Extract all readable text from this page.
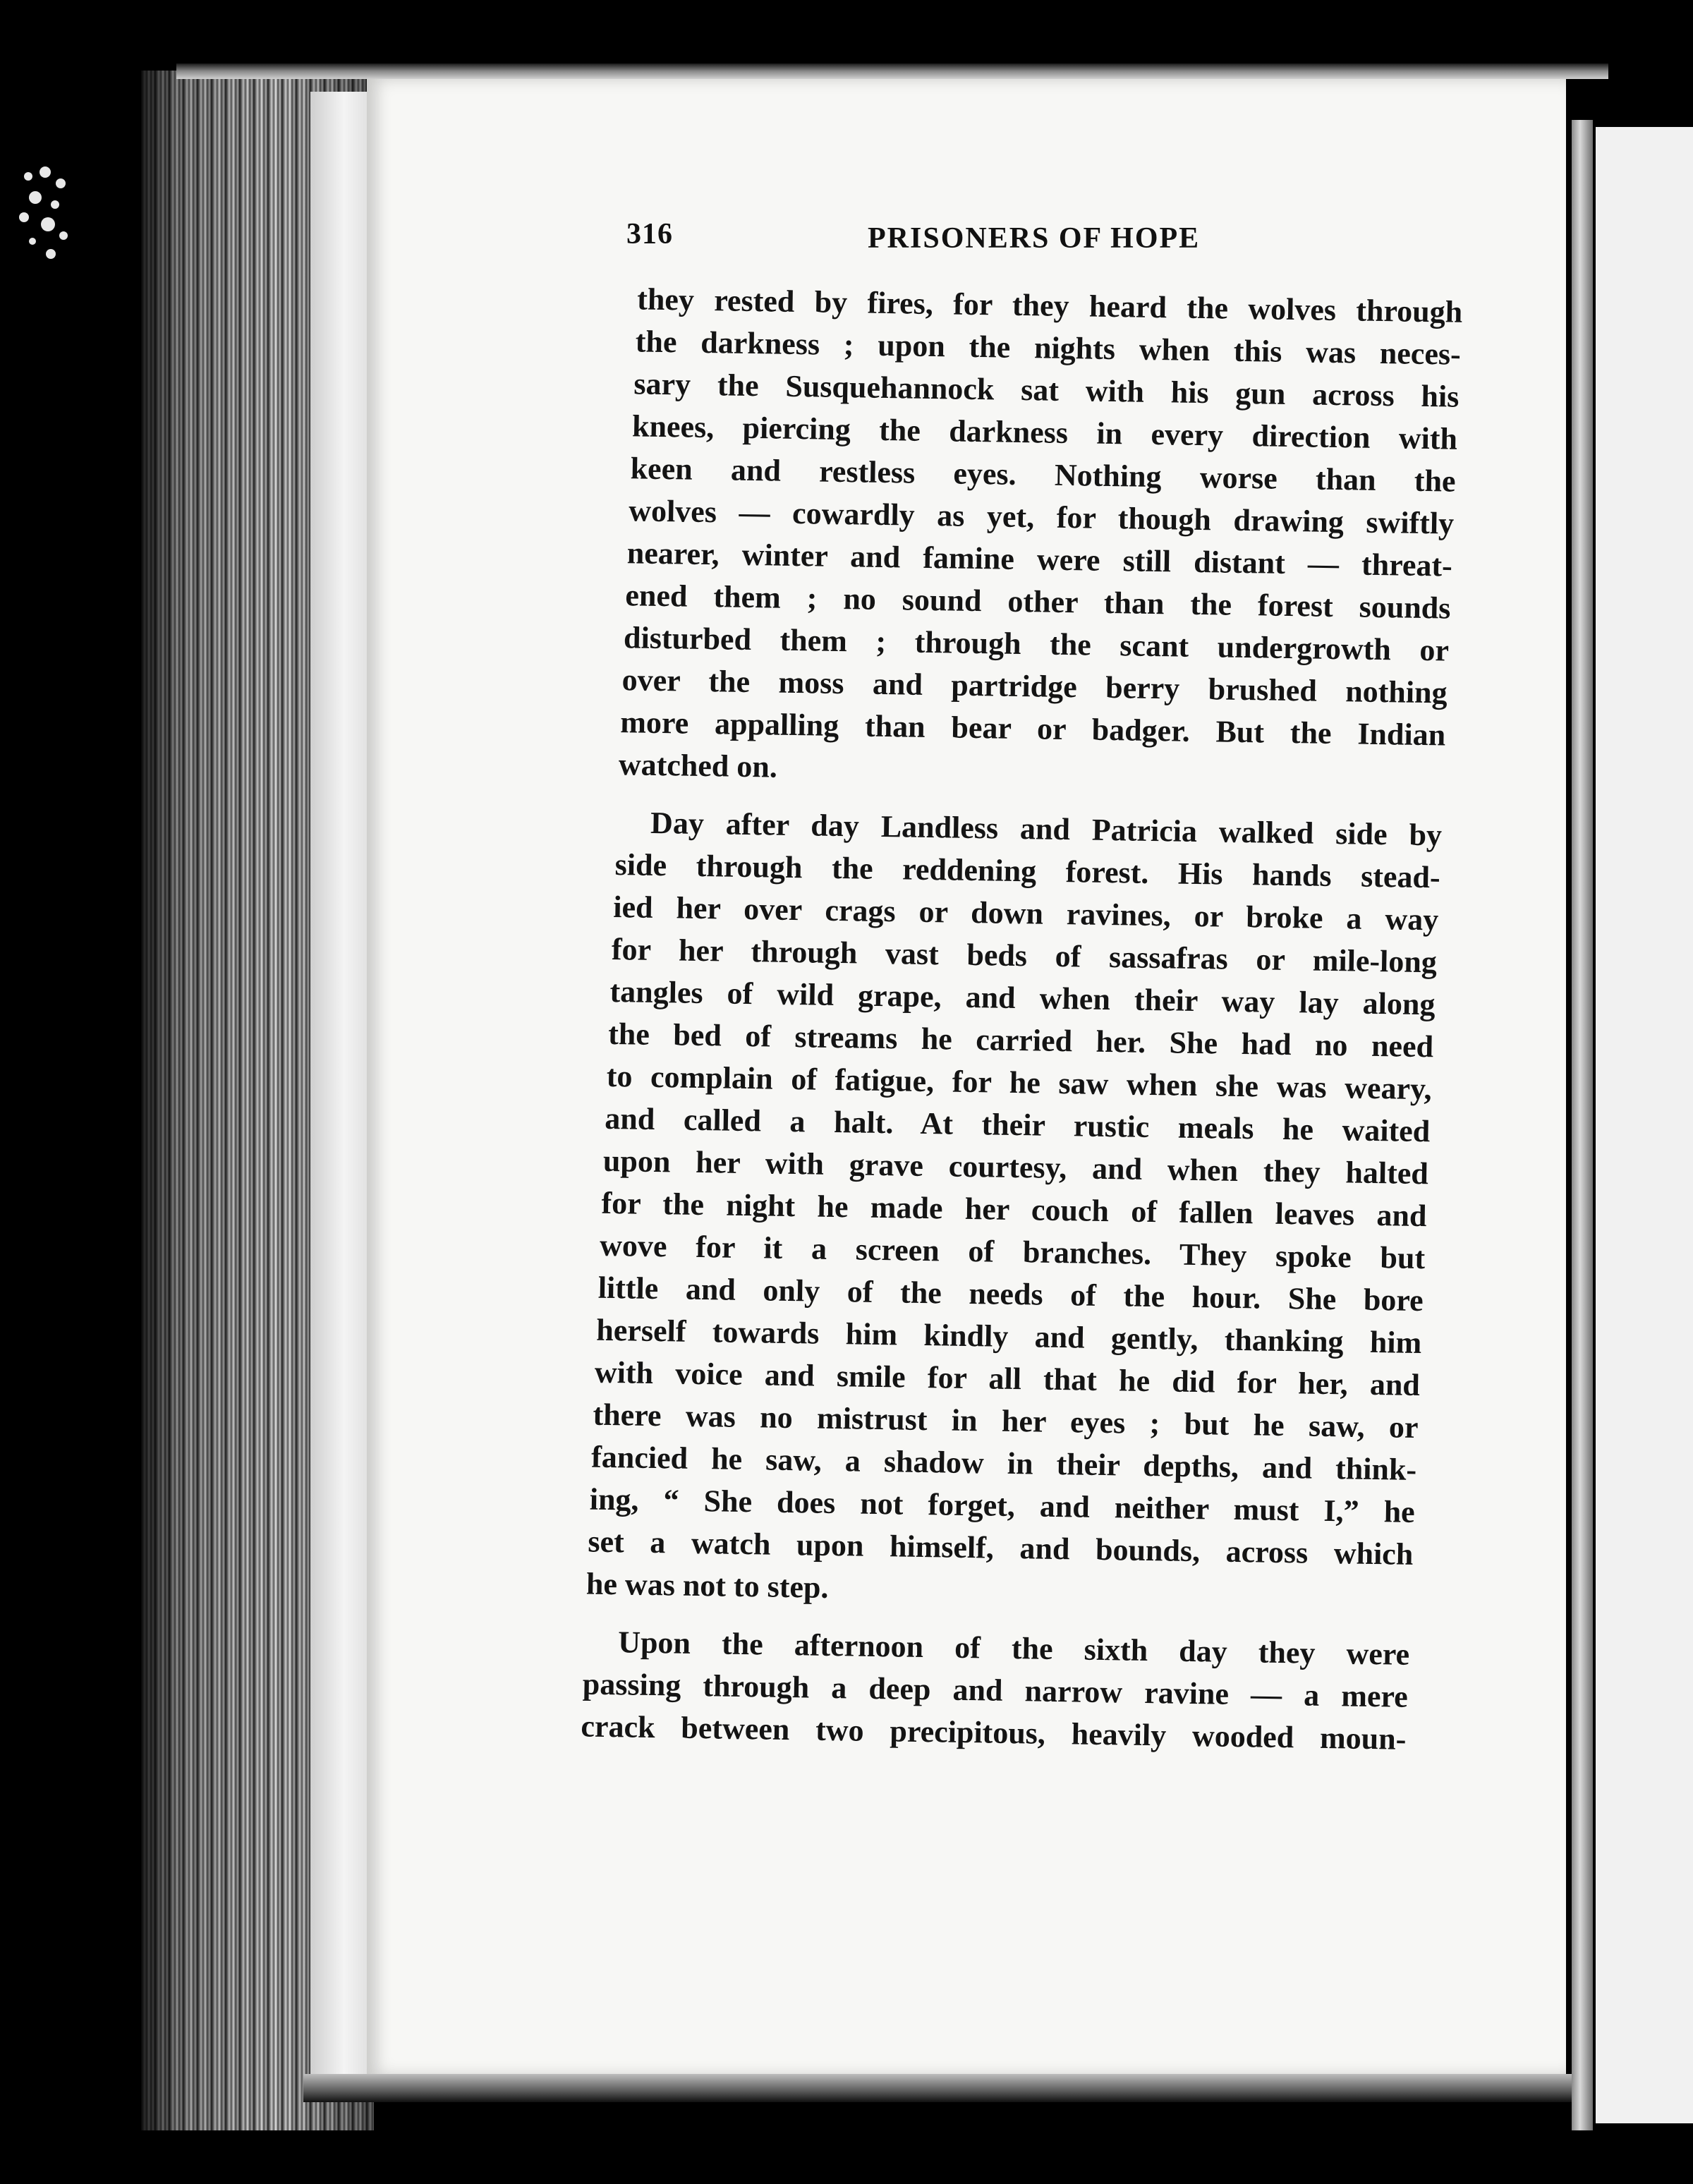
316	PRISONERS OF HOPE
they rested by fires, for they heard the wolves through
the darkness ; upon the nights when this was neces-
sary the Susquehannock sat with his gun across his
knees, piercing the darkness in every direction with
keen and restless eyes. Nothing worse than the
wolves — cowardly as yet, for though drawing swiftly
nearer, winter and famine were still distant — threat-
ened them ; no sound other than the forest sounds
disturbed them ; through the scant undergrowth or
over the moss and partridge berry brushed nothing
more appalling than bear or badger. But the Indian
watched on.
Day after day Landless and Patricia walked side by
side through the reddening forest. His hands stead-
ied her over crags or down ravines, or broke a way
for her through vast beds of sassafras or mile-long
tangles of wild grape, and when their way lay along
the bed of streams he carried her. She had no need
to complain of fatigue, for he saw when she was weary,
and called a halt. At their rustic meals he waited
upon her with grave courtesy, and when they halted
for the night he made her couch of fallen leaves and
wove for it a screen of branches. They spoke but
little and only of the needs of the hour. She bore
herself towards him kindly and gently, thanking him
with voice and smile for all that he did for her, and
there was no mistrust in her eyes ; but he saw, or
fancied he saw, a shadow in their depths, and think-
ing, “ She does not forget, and neither must I,” he
set a watch upon himself, and bounds, across which
he was not to step.
Upon the afternoon of the sixth day they were
passing through a deep and narrow ravine — a mere
crack between two precipitous, heavily wooded moun-
